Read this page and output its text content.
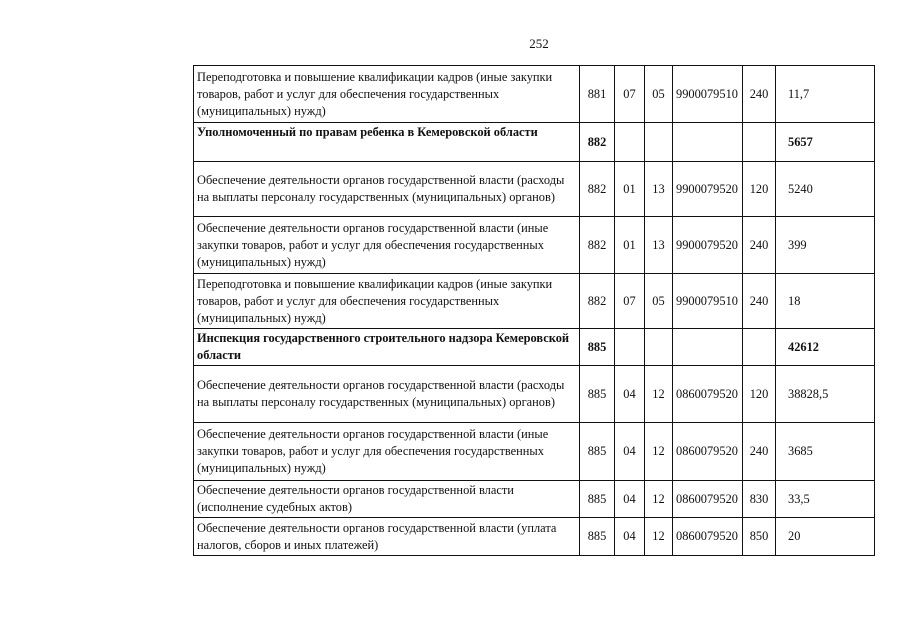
252
Переподготовка и повышение квалификации кадров (иные закупки товаров, работ и услуг для обеспечения государственных (муниципальных) нужд)	881	07	05	9900079510	240	11,7
Уполномоченный по правам ребенка в Кемеровской области	882					5657
Обеспечение деятельности органов государственной власти (расходы на выплаты персоналу государственных (муниципальных) органов)	882	01	13	9900079520	120	5240
Обеспечение деятельности органов государственной власти (иные закупки товаров, работ и услуг для обеспечения государственных (муниципальных) нужд)	882	01	13	9900079520	240	399
Переподготовка и повышение квалификации кадров (иные закупки товаров, работ и услуг для обеспечения государственных (муниципальных) нужд)	882	07	05	9900079510	240	18
Инспекция государственного строительного надзора Кемеровской области	885					42612
Обеспечение деятельности органов государственной власти (расходы на выплаты персоналу государственных (муниципальных) органов)	885	04	12	0860079520	120	38828,5
Обеспечение деятельности органов государственной власти (иные закупки товаров, работ и услуг для обеспечения государственных (муниципальных) нужд)	885	04	12	0860079520	240	3685
Обеспечение деятельности органов государственной власти (исполнение судебных актов)	885	04	12	0860079520	830	33,5
Обеспечение деятельности органов государственной власти (уплата налогов, сборов и иных платежей)	885	04	12	0860079520	850	20
